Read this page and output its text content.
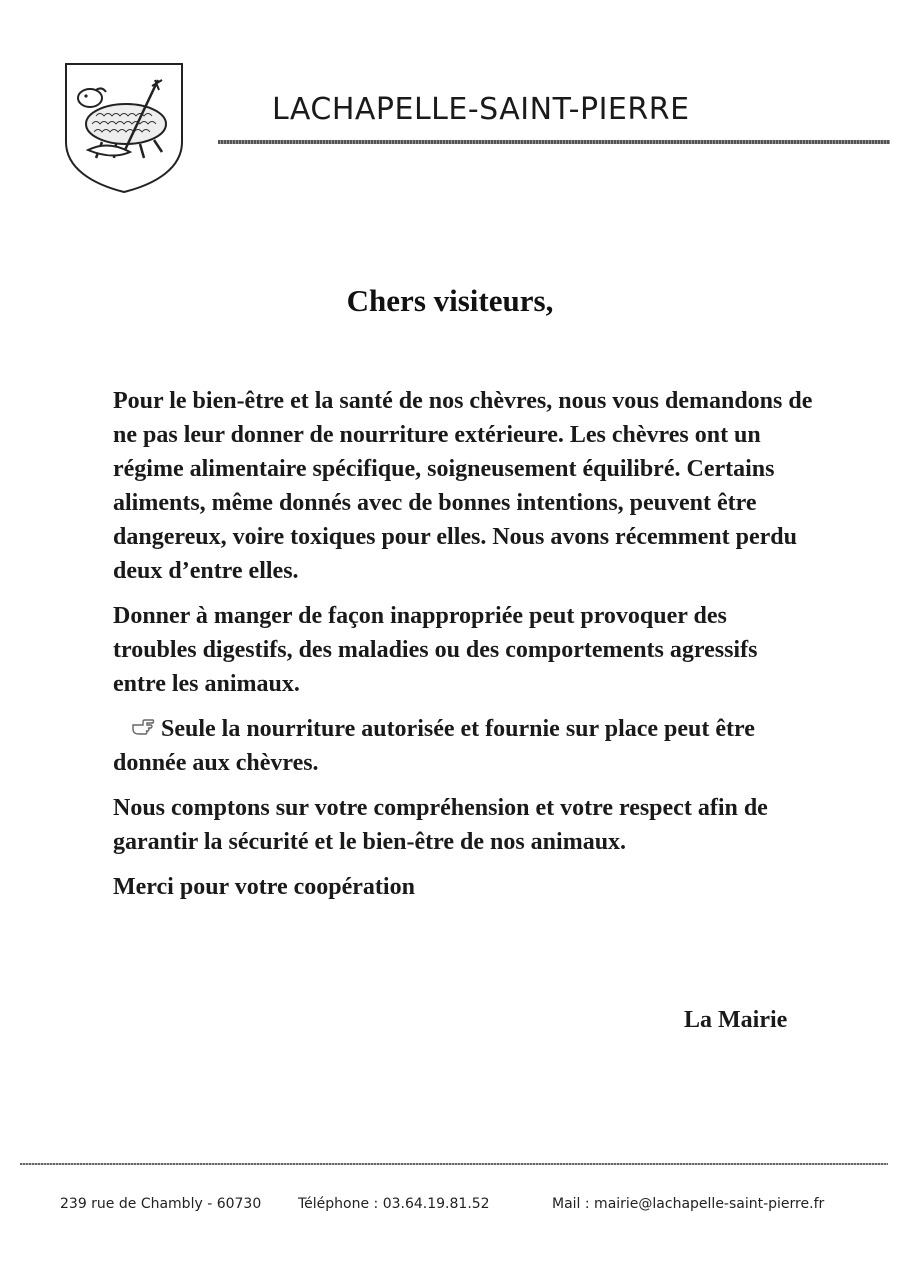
LACHAPELLE-SAINT-PIERRE
Chers visiteurs,

Pour le bien-être et la santé de nos chèvres, nous vous demandons de ne pas leur donner de nourriture extérieure. Les chèvres ont un régime alimentaire spécifique, soigneusement équilibré. Certains aliments, même donnés avec de bonnes intentions, peuvent être dangereux, voire toxiques pour elles. Nous avons récemment perdu deux d’entre elles.

Donner à manger de façon inappropriée peut provoquer des troubles digestifs, des maladies ou des comportements agressifs entre les animaux.

Seule la nourriture autorisée et fournie sur place peut être donnée aux chèvres.

Nous comptons sur votre compréhension et votre respect afin de garantir la sécurité et le bien-être de nos animaux.

Merci pour votre coopération

La Mairie
239 rue de Chambly - 60730	Téléphone : 03.64.19.81.52	Mail : mairie@lachapelle-saint-pierre.fr
